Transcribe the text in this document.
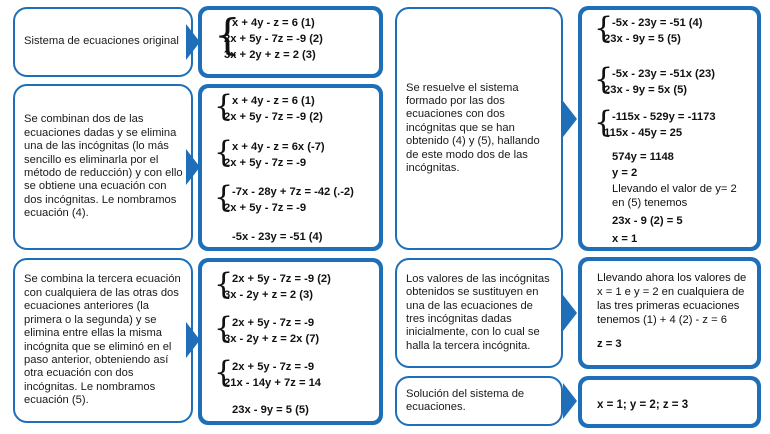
Sistema de ecuaciones original
Se combinan dos de las ecuaciones dadas y se elimina una de las incógnitas (lo más sencillo es eliminarla por el método de reducción) y con ello se obtiene una ecuación con dos incógnitas. Le nombramos ecuación (4).
Se combina la tercera ecuación con cualquiera de las otras dos ecuaciones anteriores (la primera o la segunda) y se elimina entre ellas la misma incógnita que se eliminó en el paso anterior, obteniendo así otra ecuación con dos incógnitas. Le nombramos ecuación (5).
{
x + 4y - z = 6 (1)
2x + 5y - 7z = -9 (2)
3x + 2y + z = 2 (3)
{
x + 4y - z = 6 (1)
2x + 5y - 7z = -9 (2)
{
x + 4y - z = 6x (-7)
2x + 5y - 7z = -9
{
-7x - 28y + 7z = -42 (.-2)
2x + 5y - 7z = -9
-5x - 23y = -51 (4)
{
2x + 5y - 7z = -9 (2)
3x - 2y + z = 2 (3)
{
2x + 5y - 7z = -9
3x - 2y + z = 2x (7)
{
2x + 5y - 7z = -9
21x - 14y + 7z = 14
23x - 9y = 5 (5)
Se resuelve el sistema formado por las dos ecuaciones con dos incógnitas que se han obtenido (4) y (5), hallando de este modo dos de las incógnitas.
Los valores de las incógnitas obtenidos se sustituyen en una de las ecuaciones de tres incógnitas dadas inicialmente, con lo cual se halla la tercera incógnita.
Solución del sistema de ecuaciones.
{
-5x - 23y = -51 (4)
23x - 9y = 5 (5)
{
-5x - 23y = -51x (23)
23x - 9y = 5x (5)
{
-115x - 529y = -1173
115x - 45y = 25
574y = 1148
y = 2
Llevando el valor de y= 2
en (5) tenemos
23x - 9 (2) = 5
x = 1
Llevando ahora los valores de
x = 1 e y = 2 en cualquiera de
las tres primeras ecuaciones
tenemos (1) + 4 (2) - z = 6
z = 3
x = 1; y = 2; z = 3
